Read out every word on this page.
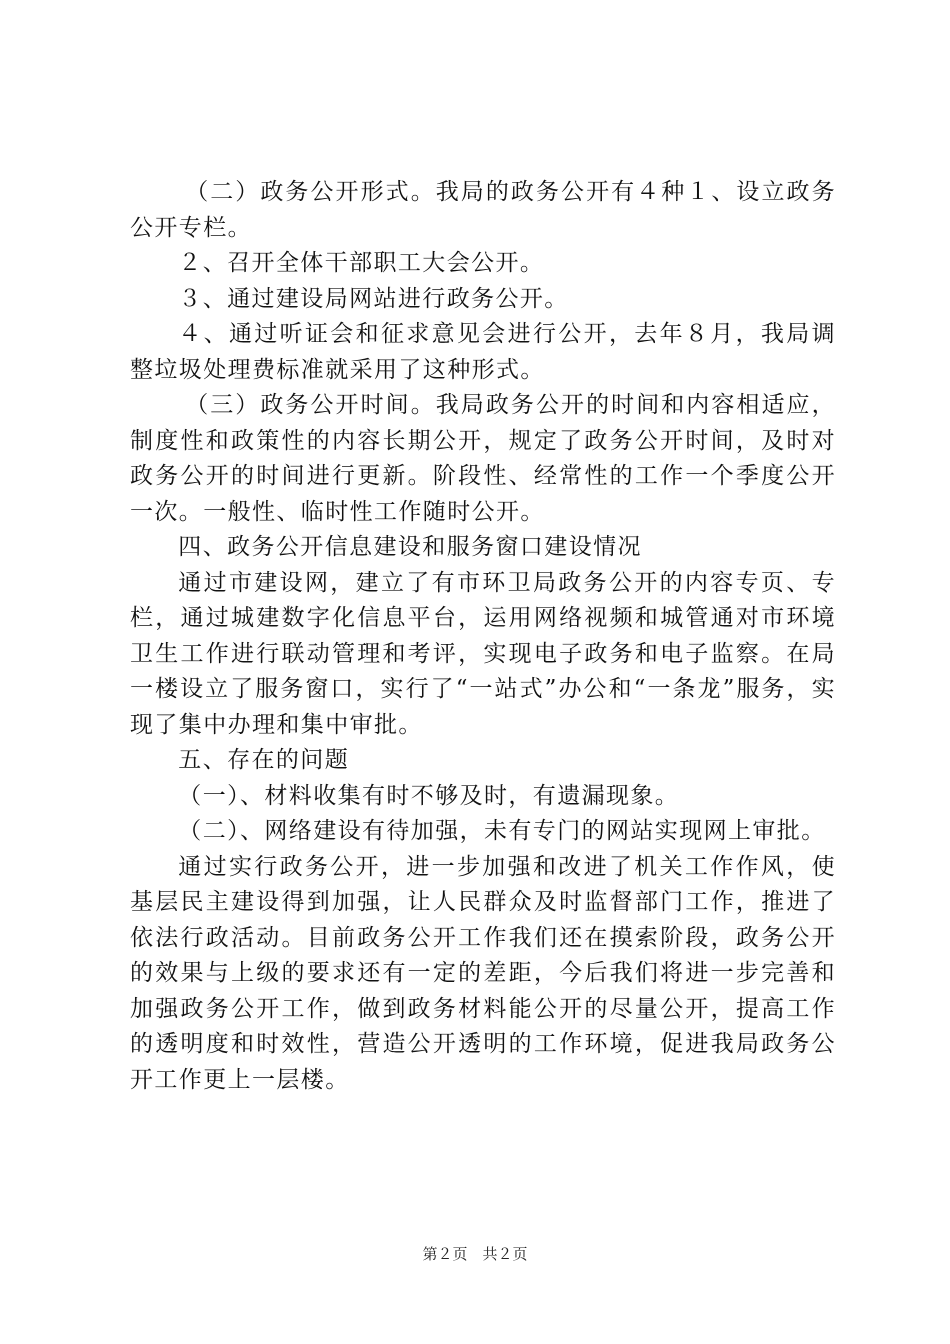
（二）政务公开形式。我局的政务公开有４种１、设立政务公开专栏。

２、召开全体干部职工大会公开。

３、通过建设局网站进行政务公开。

４、通过听证会和征求意见会进行公开，去年８月，我局调整垃圾处理费标准就采用了这种形式。

（三）政务公开时间。我局政务公开的时间和内容相适应，制度性和政策性的内容长期公开，规定了政务公开时间，及时对政务公开的时间进行更新。阶段性、经常性的工作一个季度公开一次。一般性、临时性工作随时公开。

四、政务公开信息建设和服务窗口建设情况

通过市建设网，建立了有市环卫局政务公开的内容专页、专栏，通过城建数字化信息平台，运用网络视频和城管通对市环境卫生工作进行联动管理和考评，实现电子政务和电子监察。在局一楼设立了服务窗口，实行了“一站式”办公和“一条龙”服务，实现了集中办理和集中审批。

五、存在的问题

（一）、材料收集有时不够及时，有遗漏现象。

（二）、网络建设有待加强，未有专门的网站实现网上审批。

通过实行政务公开，进一步加强和改进了机关工作作风，使基层民主建设得到加强，让人民群众及时监督部门工作，推进了依法行政活动。目前政务公开工作我们还在摸索阶段，政务公开的效果与上级的要求还有一定的差距，今后我们将进一步完善和加强政务公开工作，做到政务材料能公开的尽量公开，提高工作的透明度和时效性，营造公开透明的工作环境，促进我局政务公开工作更上一层楼。

第２页　共２页
